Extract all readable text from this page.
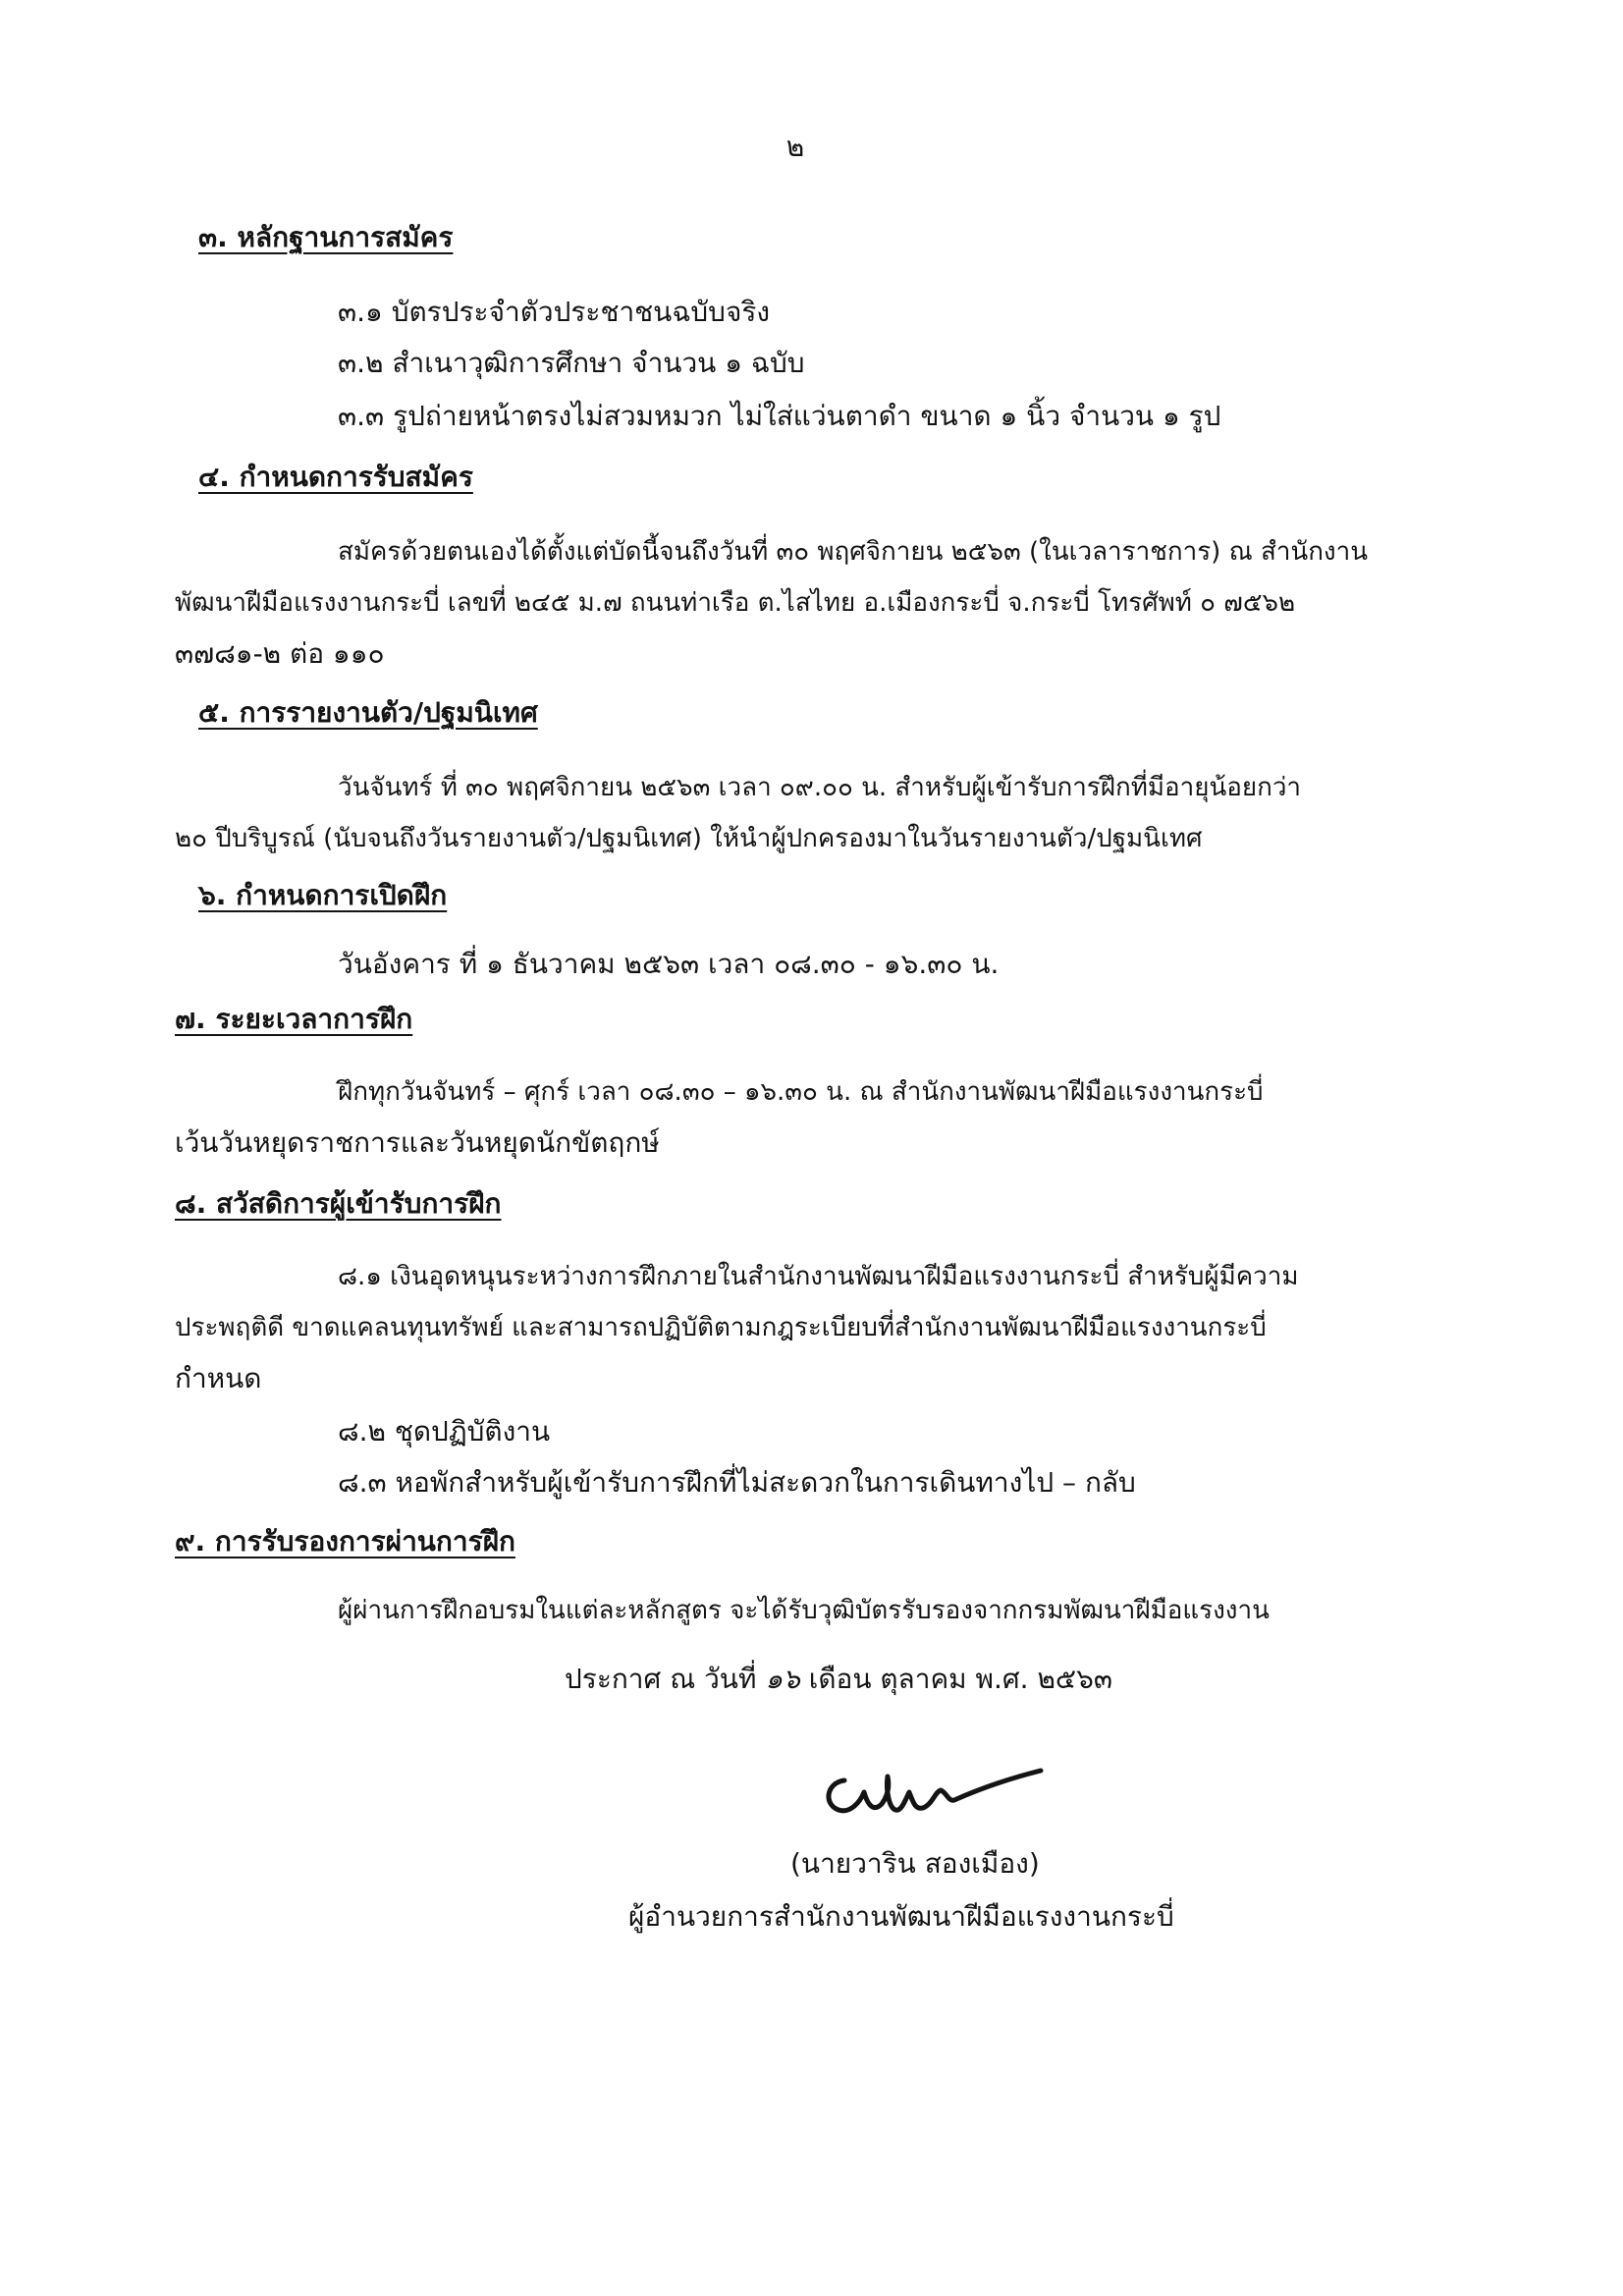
๒
๓. หลักฐานการสมัคร
๓.๑ บัตรประจำตัวประชาชนฉบับจริง
๓.๒ สำเนาวุฒิการศึกษา จำนวน ๑ ฉบับ
๓.๓ รูปถ่ายหน้าตรงไม่สวมหมวก ไม่ใส่แว่นตาดำ ขนาด ๑ นิ้ว จำนวน ๑ รูป
๔. กำหนดการรับสมัคร
สมัครด้วยตนเองได้ตั้งแต่บัดนี้จนถึงวันที่ ๓๐ พฤศจิกายน ๒๕๖๓ (ในเวลาราชการ) ณ สำนักงาน
พัฒนาฝีมือแรงงานกระบี่ เลขที่ ๒๔๕ ม.๗ ถนนท่าเรือ ต.ไสไทย อ.เมืองกระบี่ จ.กระบี่ โทรศัพท์ ๐ ๗๕๖๒
๓๗๘๑-๒ ต่อ ๑๑๐
๕. การรายงานตัว/ปฐมนิเทศ
วันจันทร์ ที่ ๓๐ พฤศจิกายน ๒๕๖๓ เวลา ๐๙.๐๐ น. สำหรับผู้เข้ารับการฝึกที่มีอายุน้อยกว่า
๒๐ ปีบริบูรณ์ (นับจนถึงวันรายงานตัว/ปฐมนิเทศ) ให้นำผู้ปกครองมาในวันรายงานตัว/ปฐมนิเทศ
๖. กำหนดการเปิดฝึก
วันอังคาร ที่ ๑ ธันวาคม ๒๕๖๓ เวลา ๐๘.๓๐ - ๑๖.๓๐ น.
๗. ระยะเวลาการฝึก
ฝึกทุกวันจันทร์ – ศุกร์ เวลา ๐๘.๓๐ – ๑๖.๓๐ น. ณ สำนักงานพัฒนาฝีมือแรงงานกระบี่
เว้นวันหยุดราชการและวันหยุดนักขัตฤกษ์
๘. สวัสดิการผู้เข้ารับการฝึก
๘.๑ เงินอุดหนุนระหว่างการฝึกภายในสำนักงานพัฒนาฝีมือแรงงานกระบี่ สำหรับผู้มีความ
ประพฤติดี ขาดแคลนทุนทรัพย์ และสามารถปฏิบัติตามกฎระเบียบที่สำนักงานพัฒนาฝีมือแรงงานกระบี่
กำหนด
๘.๒ ชุดปฏิบัติงาน
๘.๓ หอพักสำหรับผู้เข้ารับการฝึกที่ไม่สะดวกในการเดินทางไป – กลับ
๙. การรับรองการผ่านการฝึก
ผู้ผ่านการฝึกอบรมในแต่ละหลักสูตร จะได้รับวุฒิบัตรรับรองจากกรมพัฒนาฝีมือแรงงาน
ประกาศ ณ วันที่ ๑๖ เดือน ตุลาคม พ.ศ. ๒๕๖๓
(นายวาริน สองเมือง)
ผู้อำนวยการสำนักงานพัฒนาฝีมือแรงงานกระบี่
